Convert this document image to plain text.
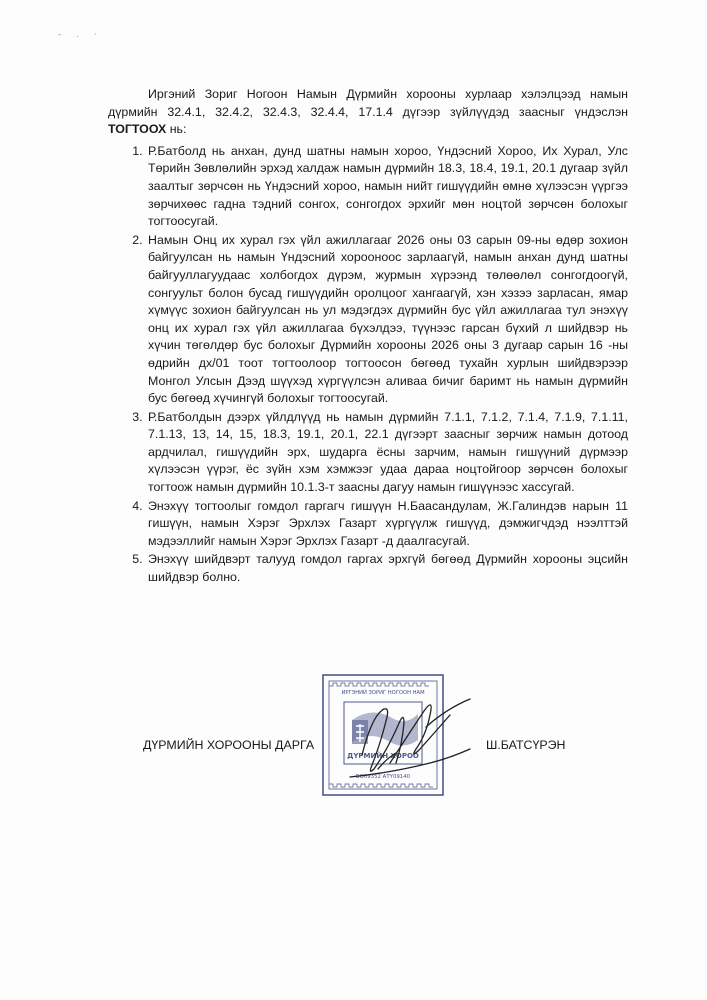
- . ·

Иргэний Зориг Ногоон Намын Дүрмийн хорооны хурлаар хэлэлцээд намын дүрмийн 32.4.1, 32.4.2, 32.4.3, 32.4.4, 17.1.4 дүгээр зүйлүүдэд заасныг үндэслэн ТОГТООХ нь:

1. Р.Батболд нь анхан, дунд шатны намын хороо, Үндэсний Хороо, Их Хурал, Улс Төрийн Зөвлөлийн эрхэд халдаж намын дүрмийн 18.3, 18.4, 19.1, 20.1 дугаар зүйл заалтыг зөрчсөн нь Үндэсний хороо, намын нийт гишүүдийн өмнө хүлээсэн үүргээ зөрчихөөс гадна тэдний сонгох, сонгогдох эрхийг мөн ноцтой зөрчсөн болохыг тогтоосугай.
2. Намын Онц их хурал гэх үйл ажиллагааг 2026 оны 03 сарын 09-ны өдөр зохион байгуулсан нь намын Үндэсний хорооноос зарлаагүй, намын анхан дунд шатны байгууллагуудаас холбогдох дүрэм, журмын хүрээнд төлөөлөл сонгогдоогүй, сонгуульт болон бусад гишүүдийн оролцоог хангаагүй, хэн хэзээ зарласан, ямар хүмүүс зохион байгуулсан нь ул мэдэгдэх дүрмийн бус үйл ажиллагаа тул энэхүү онц их хурал гэх үйл ажиллагаа бүхэлдээ, түүнээс гарсан бүхий л шийдвэр нь хүчин төгөлдөр бус болохыг Дүрмийн хорооны 2026 оны 3 дугаар сарын 16 -ны өдрийн дх/01 тоот тогтоолоор тогтоосон бөгөөд тухайн хурлын шийдвэрээр Монгол Улсын Дээд шүүхэд хүргүүлсэн аливаа бичиг баримт нь намын дүрмийн бус бөгөөд хүчингүй болохыг тогтоосугай.
3. Р.Батболдын дээрх үйлдлүүд нь намын дүрмийн 7.1.1, 7.1.2, 7.1.4, 7.1.9, 7.1.11, 7.1.13, 13, 14, 15, 18.3, 19.1, 20.1, 22.1 дүгээрт заасныг зөрчиж намын дотоод ардчилал, гишүүдийн эрх, шударга ёсны зарчим, намын гишүүний дүрмээр хүлээсэн үүрэг, ёс зүйн хэм хэмжээг удаа дараа ноцтойгоор зөрчсөн болохыг тогтоож намын дүрмийн 10.1.3-т заасны дагуу намын гишүүнээс хассугай.
4. Энэхүү тогтоолыг гомдол гаргагч гишүүн Н.Баасандулам, Ж.Галиндэв нарын 11 гишүүн, намын Хэрэг Эрхлэх Газарт хүргүүлж гишүүд, дэмжигчдэд нээлттэй мэдээллийг намын Хэрэг Эрхлэх Газарт -д даалгасугай.
5. Энэхүү шийдвэрт талууд гомдол гаргах эрхгүй бөгөөд Дүрмийн хорооны эцсийн шийдвэр болно.
ИРГЭНИЙ ЗОРИГ НОГООН НАМ
ДҮРМИЙН ХОРОО
БӨ09352 АТҮ09140
ДҮРМИЙН ХОРООНЫ ДАРГА	Ш.БАТСҮРЭН
